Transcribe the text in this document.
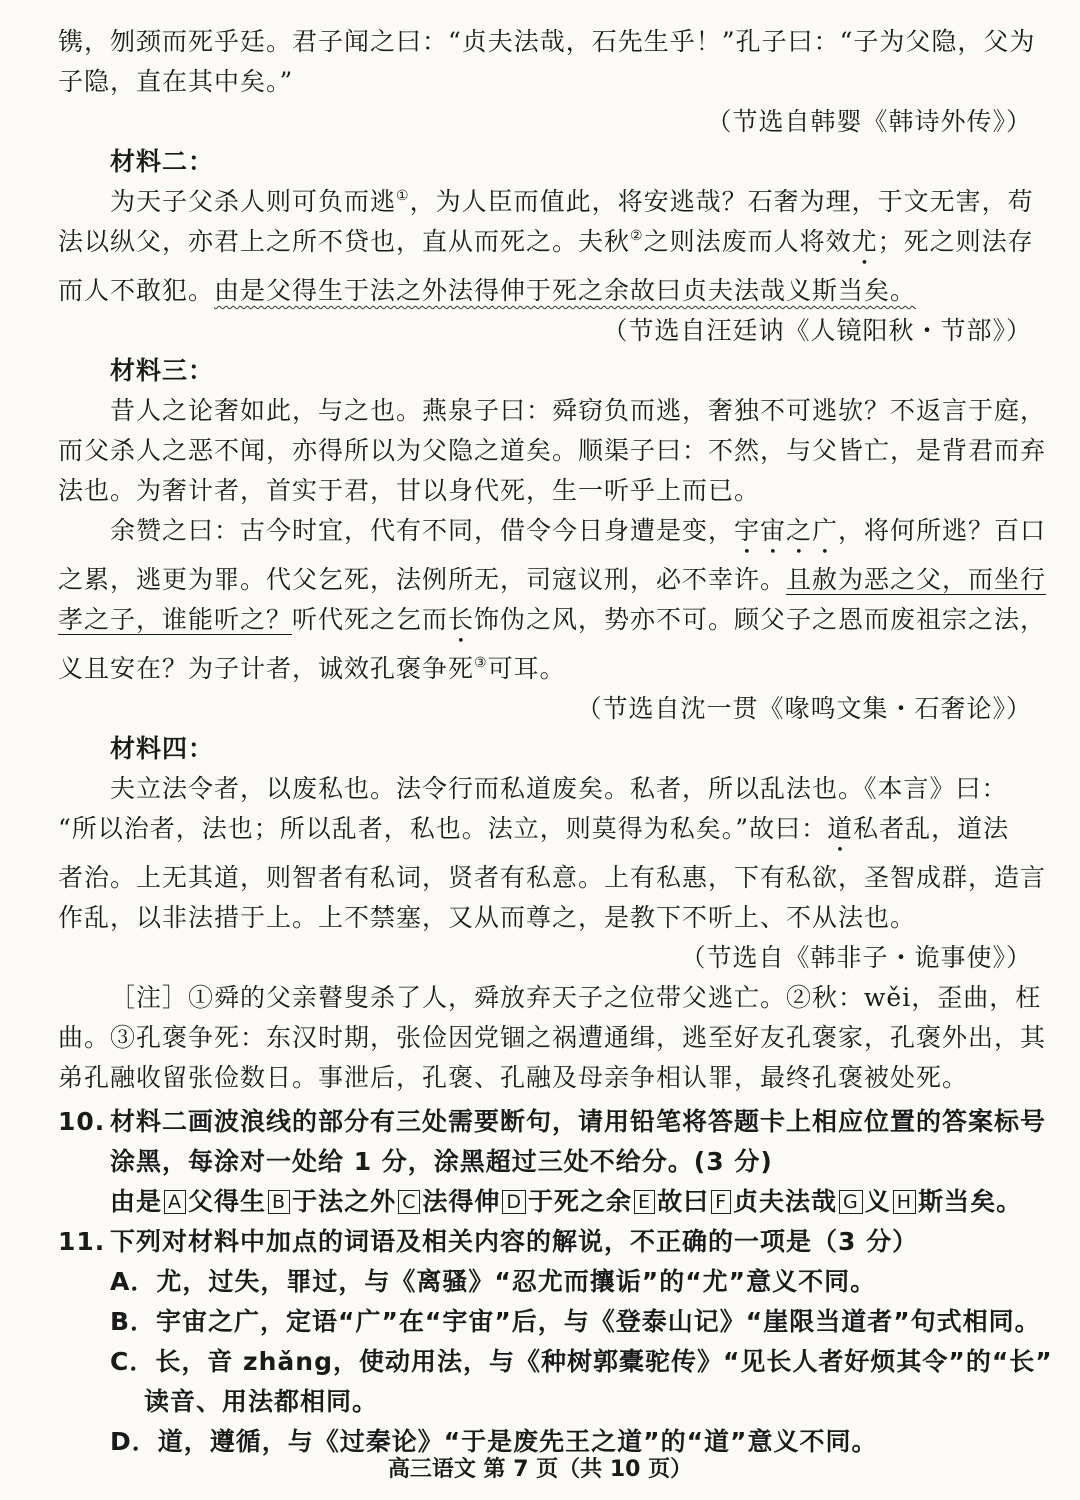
镌，刎颈而死乎廷。君子闻之曰：“贞夫法哉，石先生乎！”孔子曰：“子为父隐，父为
子隐，直在其中矣。”
（节选自韩婴《韩诗外传》）
材料二：
为天子父杀人则可负而逃①，为人臣而值此，将安逃哉？石奢为理，于文无害，苟
法以纵父，亦君上之所不贷也，直从而死之。夫秋②之则法废而人将效尤；死之则法存
而人不敢犯。由是父得生于法之外法得伸于死之余故曰贞夫法哉义斯当矣。
（节选自汪廷讷《人镜阳秋・节部》）
材料三：
昔人之论奢如此，与之也。燕泉子曰：舜窃负而逃，奢独不可逃欤？不返言于庭，
而父杀人之恶不闻，亦得所以为父隐之道矣。顺渠子曰：不然，与父皆亡，是背君而弃
法也。为奢计者，首实于君，甘以身代死，生一听乎上而已。
余赞之曰：古今时宜，代有不同，借令今日身遭是变，宇宙之广，将何所逃？百口
之累，逃更为罪。代父乞死，法例所无，司寇议刑，必不幸许。且赦为恶之父，而坐行
孝之子，谁能听之？听代死之乞而长饰伪之风，势亦不可。顾父子之恩而废祖宗之法，
义且安在？为子计者，诚效孔褒争死③可耳。
（节选自沈一贯《喙鸣文集・石奢论》）
材料四：
夫立法令者，以废私也。法令行而私道废矣。私者，所以乱法也。《本言》曰：
“所以治者，法也；所以乱者，私也。法立，则莫得为私矣。”故曰：道私者乱，道法
者治。上无其道，则智者有私词，贤者有私意。上有私惠，下有私欲，圣智成群，造言
作乱，以非法措于上。上不禁塞，又从而尊之，是教下不听上、不从法也。
（节选自《韩非子・诡事使》）
［注］①舜的父亲瞽叟杀了人，舜放弃天子之位带父逃亡。②秋：wěi，歪曲，枉
曲。③孔褒争死：东汉时期，张俭因党锢之祸遭通缉，逃至好友孔褒家，孔褒外出，其
弟孔融收留张俭数日。事泄后，孔褒、孔融及母亲争相认罪，最终孔褒被处死。
10. 材料二画波浪线的部分有三处需要断句，请用铅笔将答题卡上相应位置的答案标号
涂黑，每涂对一处给 1 分，涂黑超过三处不给分。(3 分)
由是 A 父得生 B 于法之外 C 法得伸 D 于死之余 E 故曰 F 贞夫法哉 G 义 H 斯当矣。
11. 下列对材料中加点的词语及相关内容的解说，不正确的一项是（3 分）
A．尤，过失，罪过，与《离骚》“忍尤而攘诟”的“尤”意义不同。
B．宇宙之广，定语“广”在“宇宙”后，与《登泰山记》“崖限当道者”句式相同。
C．长，音 zhǎng，使动用法，与《种树郭橐驼传》“见长人者好烦其令”的“长”
读音、用法都相同。
D．道，遵循，与《过秦论》“于是废先王之道”的“道”意义不同。
高三语文 第 7 页（共 10 页）
